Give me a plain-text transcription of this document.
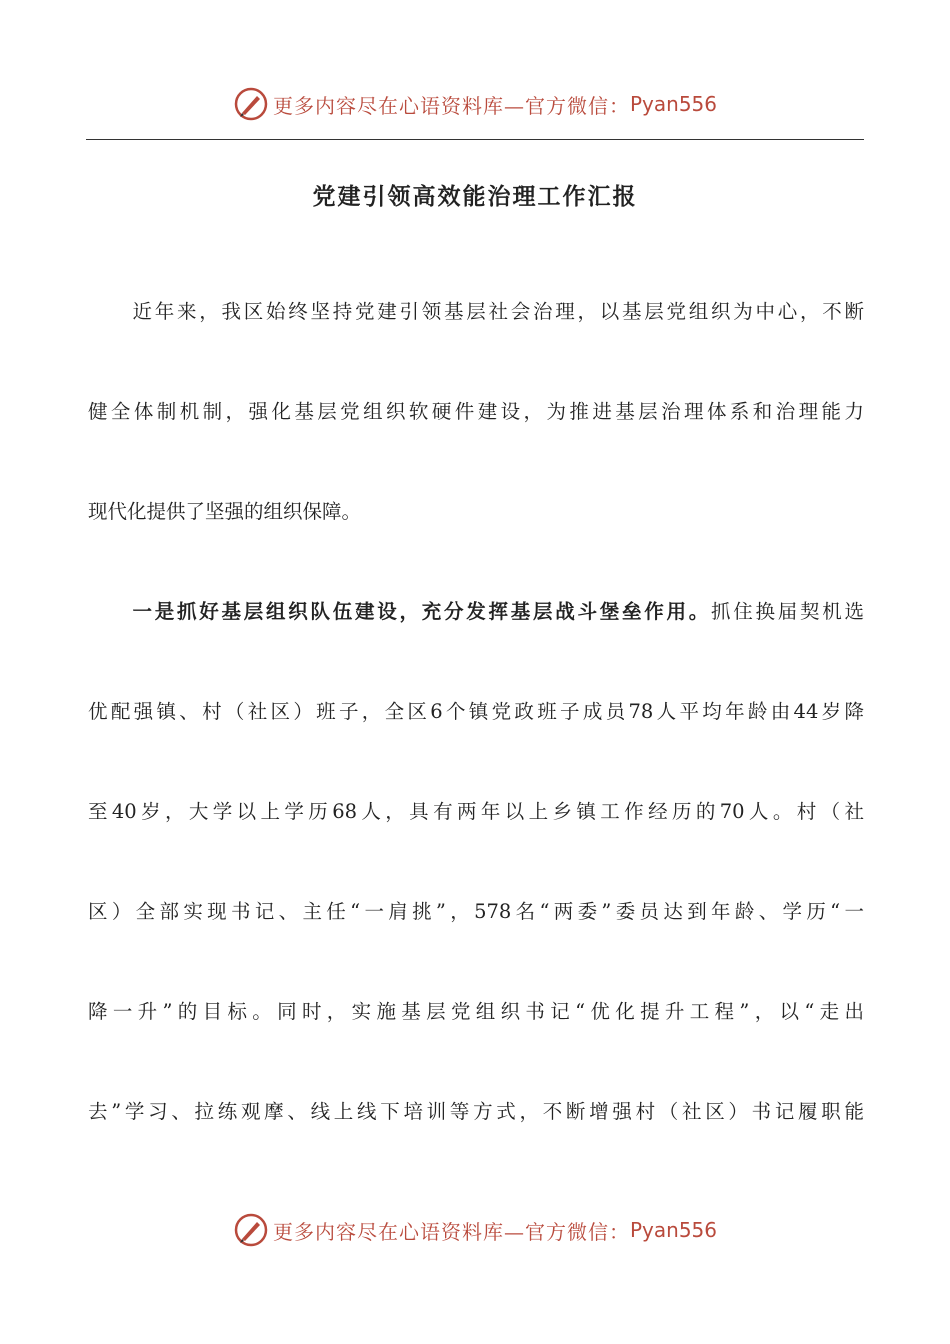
更多内容尽在心语资料库—官方微信： Pyan556
党建引领高效能治理工作汇报
　　近年来，我区始终坚持党建引领基层社会治理，以基层党组织为中心，不断
健全体制机制，强化基层党组织软硬件建设，为推进基层治理体系和治理能力
现代化提供了坚强的组织保障。
　　一是抓好基层组织队伍建设，充分发挥基层战斗堡垒作用。抓住换届契机选
优配强镇、村（社区）班子，全区6个镇党政班子成员78人平均年龄由44岁降
至40岁，大学以上学历68人，具有两年以上乡镇工作经历的70人。村（社
区）全部实现书记、主任“一肩挑”，578名“两委”委员达到年龄、学历“一
降一升”的目标。同时，实施基层党组织书记“优化提升工程”，以“走出
去”学习、拉练观摩、线上线下培训等方式，不断增强村（社区）书记履职能
更多内容尽在心语资料库—官方微信： Pyan556
